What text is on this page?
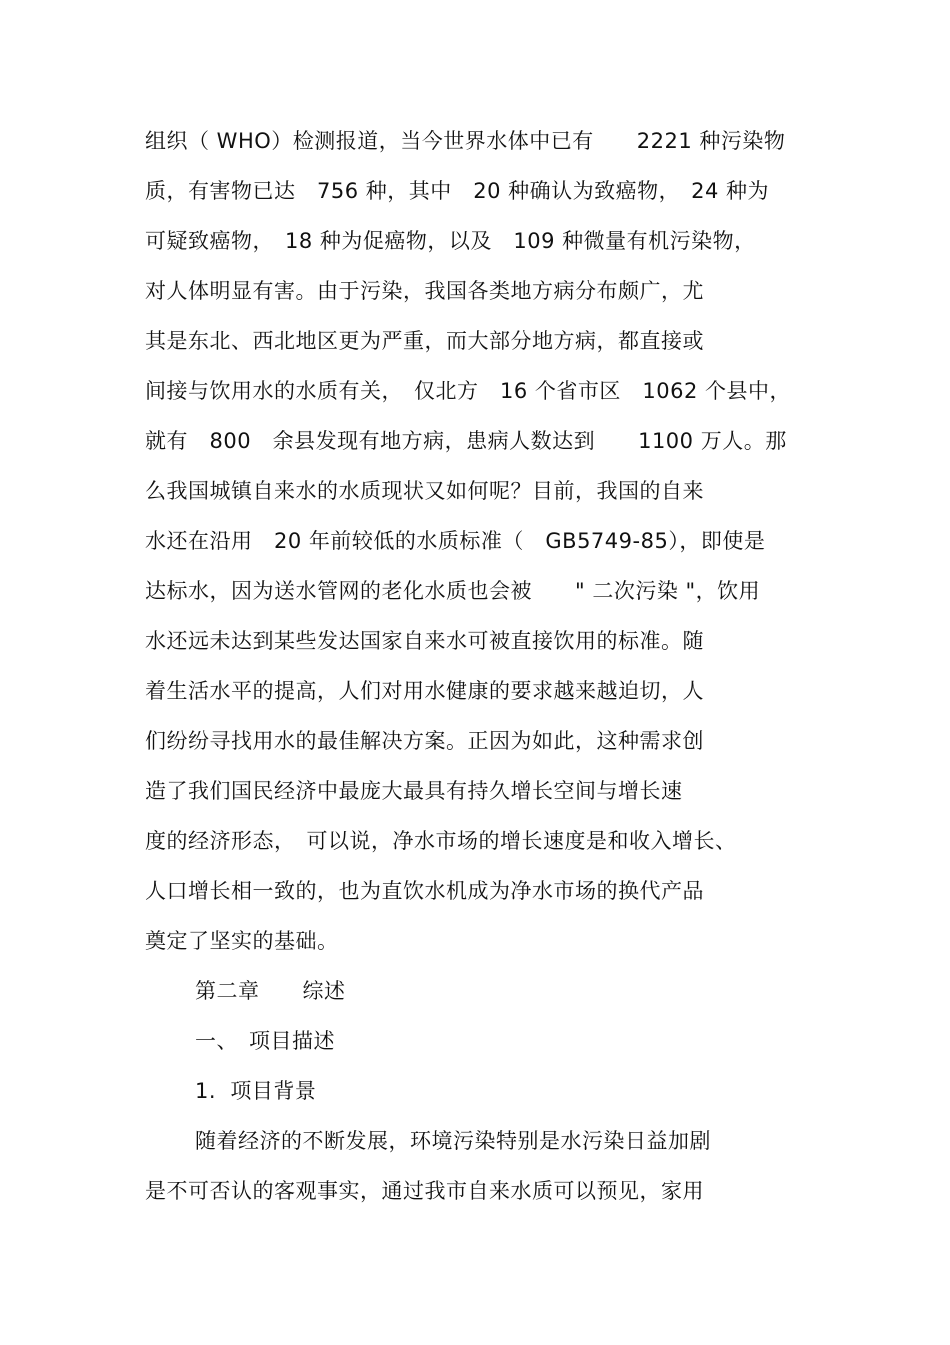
组织（ WHO）检测报道，当今世界水体中已有　　2221 种污染物
质，有害物已达　756 种，其中　20 种确认为致癌物，　24 种为
可疑致癌物，　18 种为促癌物，以及　109 种微量有机污染物，
对人体明显有害。由于污染，我国各类地方病分布颇广，尤
其是东北、西北地区更为严重，而大部分地方病，都直接或
间接与饮用水的水质有关，　仅北方　16 个省市区　1062 个县中，
就有　800　余县发现有地方病，患病人数达到　　1100 万人。那
么我国城镇自来水的水质现状又如何呢？目前，我国的自来
水还在沿用　20 年前较低的水质标准（　GB5749-85），即使是
达标水，因为送水管网的老化水质也会被　　" 二次污染 "，饮用
水还远未达到某些发达国家自来水可被直接饮用的标准。随
着生活水平的提高，人们对用水健康的要求越来越迫切，人
们纷纷寻找用水的最佳解决方案。正因为如此，这种需求创
造了我们国民经济中最庞大最具有持久增长空间与增长速
度的经济形态，　可以说，净水市场的增长速度是和收入增长、
人口增长相一致的，也为直饮水机成为净水市场的换代产品
奠定了坚实的基础。
第二章　　综述
一、　项目描述
1.  项目背景
随着经济的不断发展，环境污染特别是水污染日益加剧
是不可否认的客观事实，通过我市自来水质可以预见，家用
